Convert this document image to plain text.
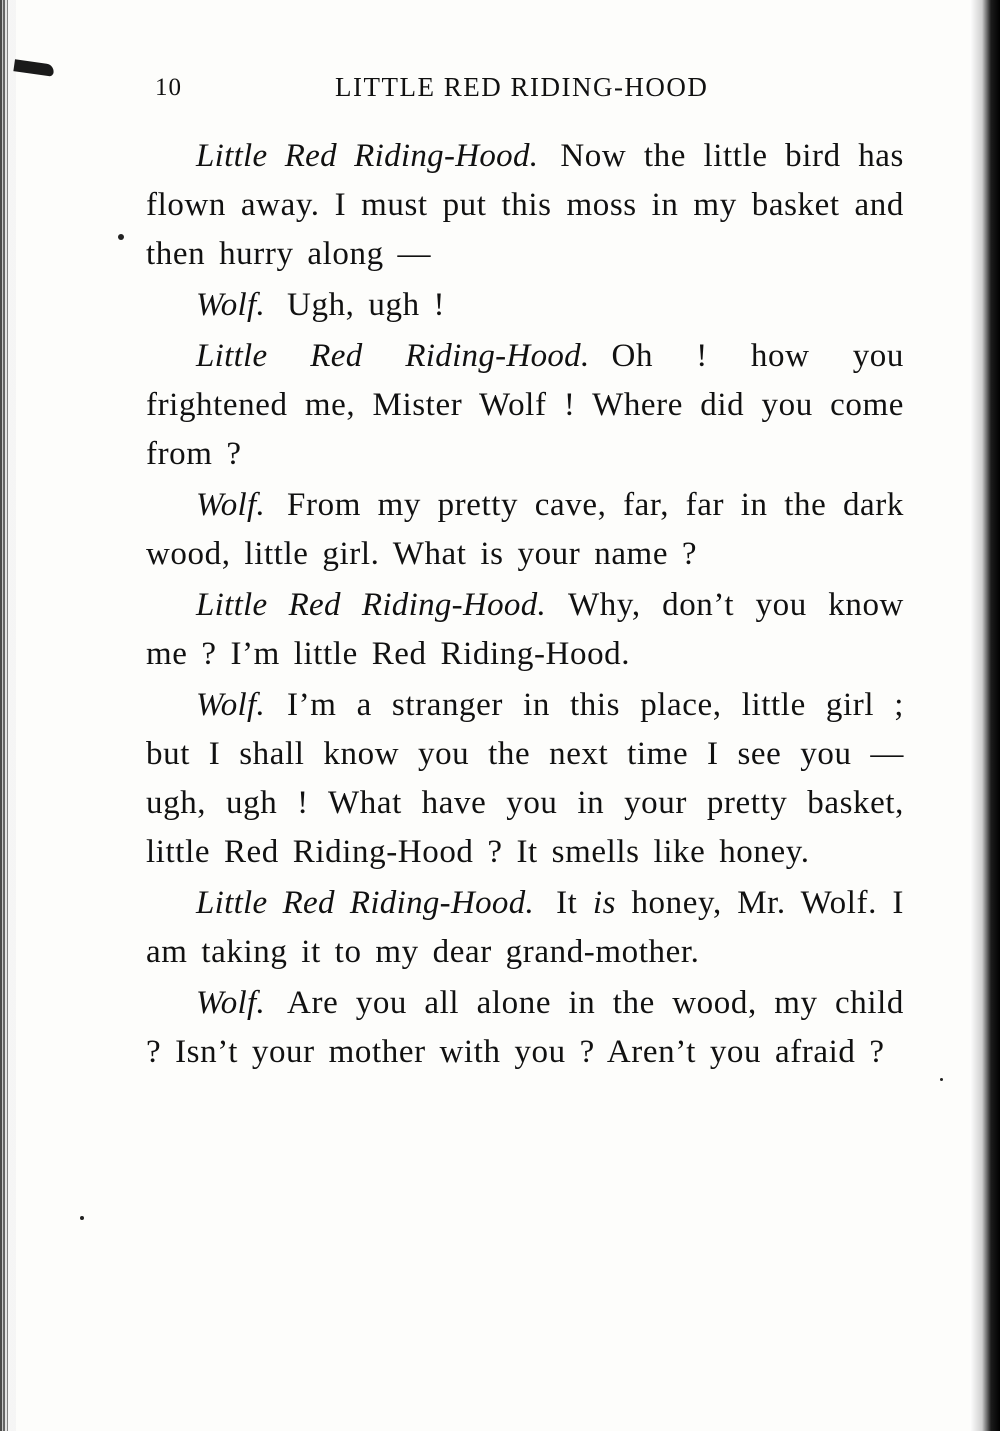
10	LITTLE RED RIDING-HOOD

Little Red Riding-Hood. Now the little bird has flown away. I must put this moss in my basket and then hurry along —

Wolf. Ugh, ugh !

Little Red Riding-Hood. Oh ! how you frightened me, Mister Wolf ! Where did you come from ?

Wolf. From my pretty cave, far, far in the dark wood, little girl. What is your name ?

Little Red Riding-Hood. Why, don’t you know me ? I’m little Red Riding-Hood.

Wolf. I’m a stranger in this place, little girl ; but I shall know you the next time I see you — ugh, ugh ! What have you in your pretty basket, little Red Riding-Hood ? It smells like honey.

Little Red Riding-Hood. It is honey, Mr. Wolf. I am taking it to my dear grand-mother.

Wolf. Are you all alone in the wood, my child ? Isn’t your mother with you ? Aren’t you afraid ?
